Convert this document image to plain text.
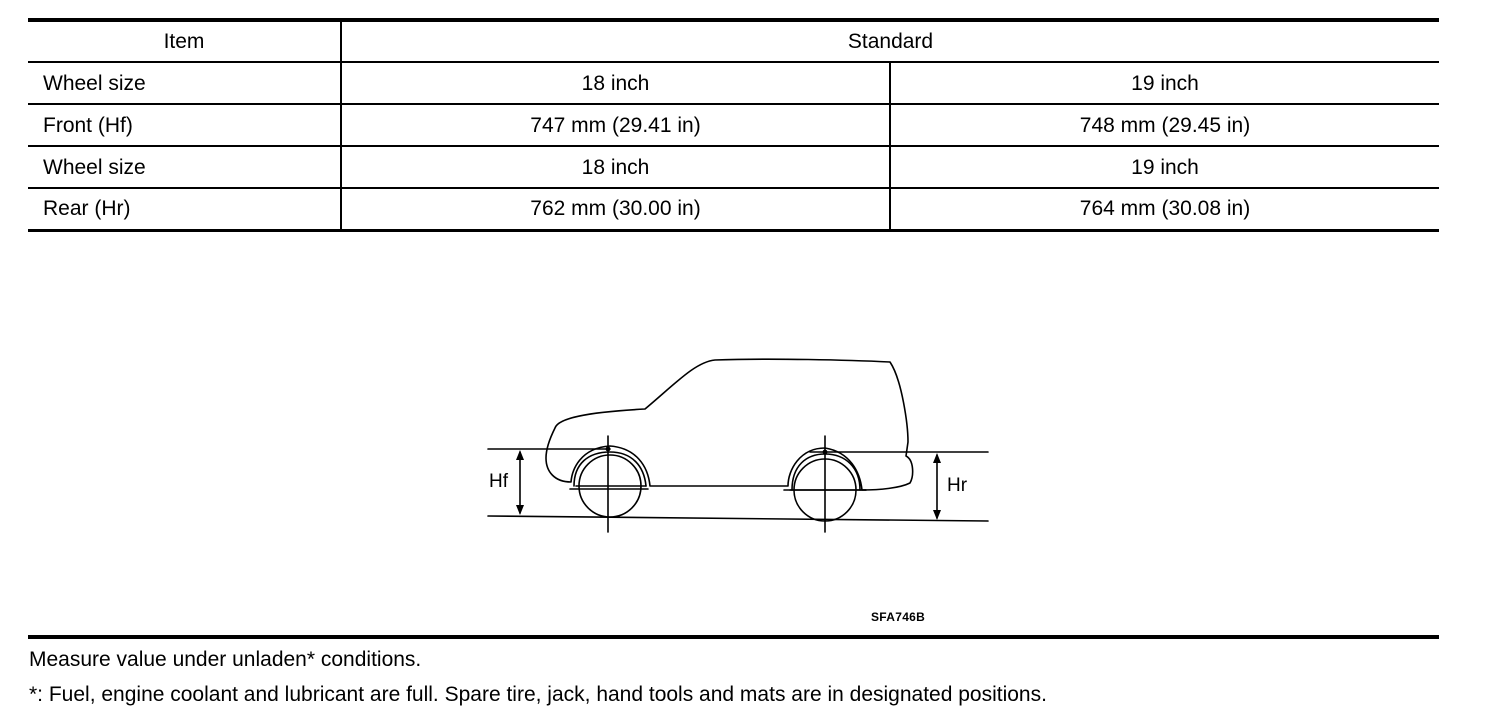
Item	Standard	
Wheel size	18 inch	19 inch
Front (Hf)	747 mm (29.41 in)	748 mm (29.45 in)
Wheel size	18 inch	19 inch
Rear (Hr)	762 mm (30.00 in)	764 mm (30.08 in)
Hf	Hr
SFA746B
Measure value under unladen* conditions.
*: Fuel, engine coolant and lubricant are full. Spare tire, jack, hand tools and mats are in designated positions.
